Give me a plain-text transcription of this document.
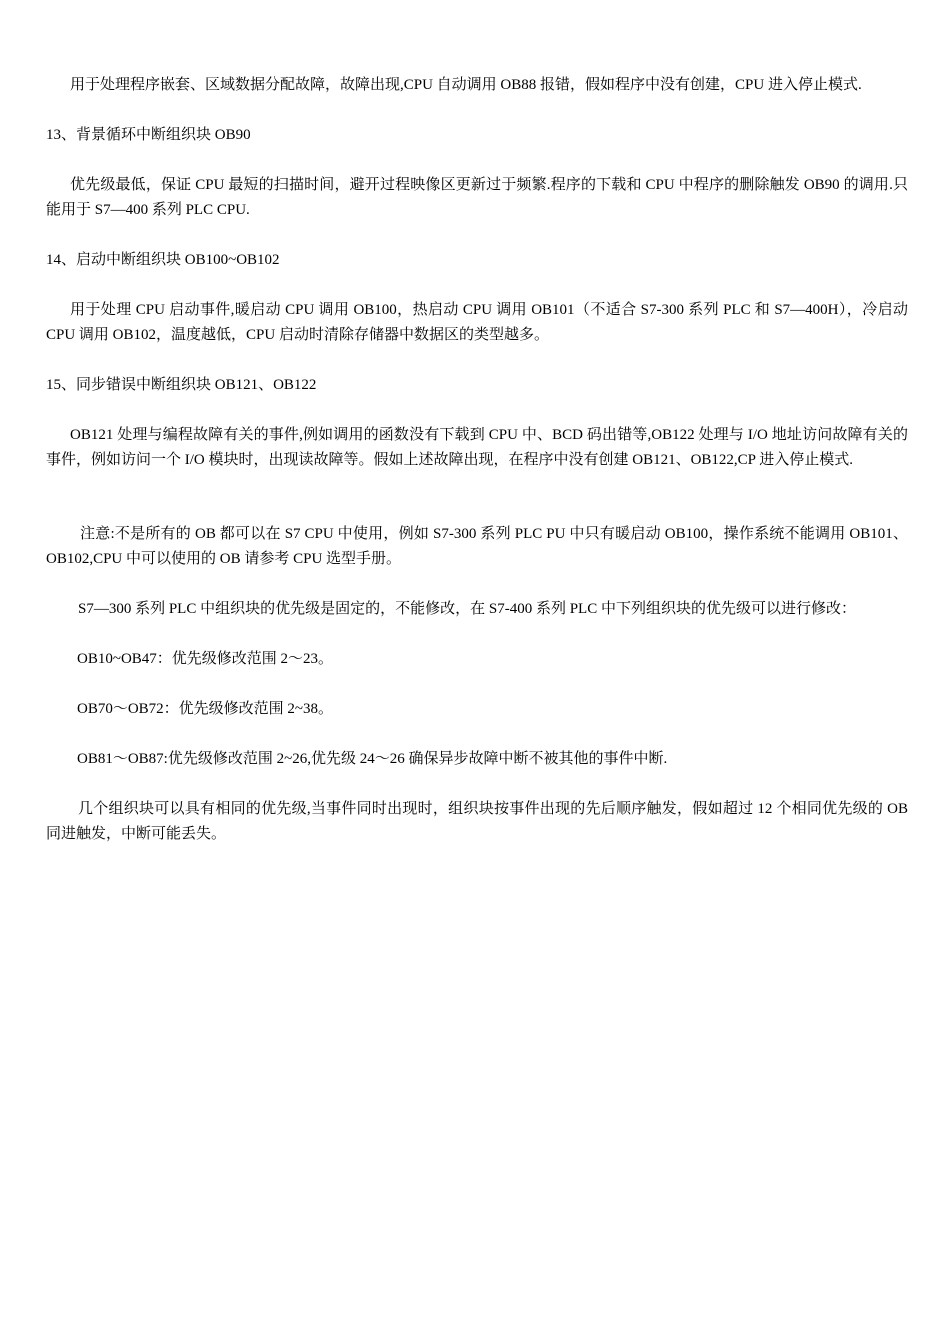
用于处理程序嵌套、区域数据分配故障，故障出现,CPU 自动调用 OB88 报错，假如程序中没有创建，CPU 进入停止模式.

13、背景循环中断组织块 OB90

优先级最低，保证 CPU 最短的扫描时间，避开过程映像区更新过于频繁.程序的下载和 CPU 中程序的删除触发 OB90 的调用.只能用于 S7—400 系列 PLC CPU.

14、启动中断组织块 OB100~OB102

用于处理 CPU 启动事件,暖启动 CPU 调用 OB100，热启动 CPU 调用 OB101（不适合 S7-300 系列 PLC 和 S7—400H），冷启动 CPU 调用 OB102，温度越低，CPU 启动时清除存储器中数据区的类型越多。

15、同步错误中断组织块 OB121、OB122

OB121 处理与编程故障有关的事件,例如调用的函数没有下载到 CPU 中、BCD 码出错等,OB122 处理与 I/O 地址访问故障有关的事件，例如访问一个 I/O 模块时，出现读故障等。假如上述故障出现，在程序中没有创建 OB121、OB122,CP 进入停止模式.

注意:不是所有的 OB 都可以在 S7 CPU 中使用，例如 S7-300 系列 PLC PU 中只有暖启动 OB100，操作系统不能调用 OB101、OB102,CPU 中可以使用的 OB 请参考 CPU 选型手册。

S7—300 系列 PLC 中组织块的优先级是固定的，不能修改，在 S7-400 系列 PLC 中下列组织块的优先级可以进行修改：

OB10~OB47：优先级修改范围 2～23。

OB70～OB72：优先级修改范围 2~38。

OB81～OB87:优先级修改范围 2~26,优先级 24～26 确保异步故障中断不被其他的事件中断.

几个组织块可以具有相同的优先级,当事件同时出现时，组织块按事件出现的先后顺序触发，假如超过 12 个相同优先级的 OB 同进触发，中断可能丢失。
